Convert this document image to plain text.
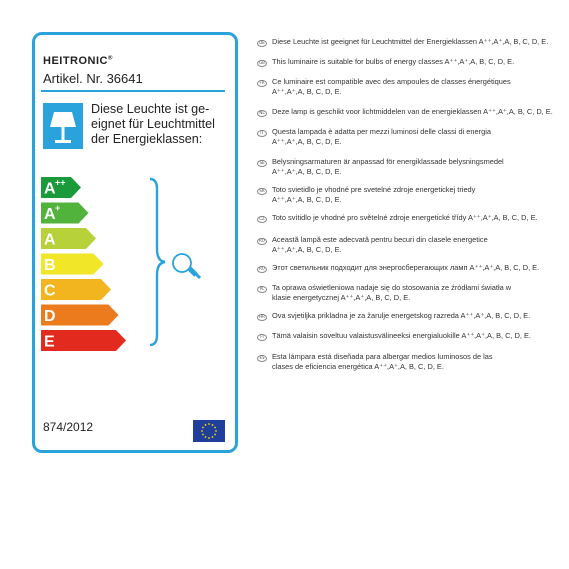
HEITRONIC®
Artikel. Nr. 36641
Diese Leuchte ist ge-
eignet für Leuchtmittel
der Energieklassen:
A ++
A +
A
B
C
D
E
874/2012
DE Diese Leuchte ist geeignet für Leuchtmittel der Energieklassen A⁺⁺,A⁺,A, B, C, D, E.
GB This luminaire is suitable for bulbs of energy classes A⁺⁺,A⁺,A, B, C, D, E.
FR Ce luminaire est compatible avec des ampoules de classes énergétiques
A⁺⁺,A⁺,A, B, C, D, E.
NL Deze lamp is geschikt voor lichtmiddelen van de energieklassen A⁺⁺,A⁺,A, B, C, D, E.
IT Questa lampada è adatta per mezzi luminosi delle classi di energia
A⁺⁺,A⁺,A, B, C, D, E.
SE Belysningsarmaturen är anpassad för energiklassade belysningsmedel
A⁺⁺,A⁺,A, B, C, D, E.
SK Toto svietidlo je vhodné pre svetelné zdroje energetickej triedy
A⁺⁺,A⁺,A, B, C, D, E.
CZ Toto svítidlo je vhodné pro světelné zdroje energetické třídy A⁺⁺,A⁺,A, B, C, D, E.
RO Această lampă este adecvată pentru becuri din clasele energetice
A⁺⁺,A⁺,A, B, C, D, E.
RU Этот светильник подходит для энергосберегающих ламп A⁺⁺,A⁺,A, B, C, D, E.
PL Ta oprawa oświetleniowa nadaje się do stosowania ze źródłami światła w
klasie energetycznej A⁺⁺,A⁺,A, B, C, D, E.
HR Ova svjetiljka prikladna je za žarulje energetskog razreda A⁺⁺,A⁺,A, B, C, D, E.
FI	Tämä valaisin soveltuu valaistusvälineeksi energialuokille A⁺⁺,A⁺,A, B, C, D, E.
ES Esta lámpara está diseñada para albergar medios luminosos de las
clases de eficiencia energética A⁺⁺,A⁺,A, B, C, D, E.
